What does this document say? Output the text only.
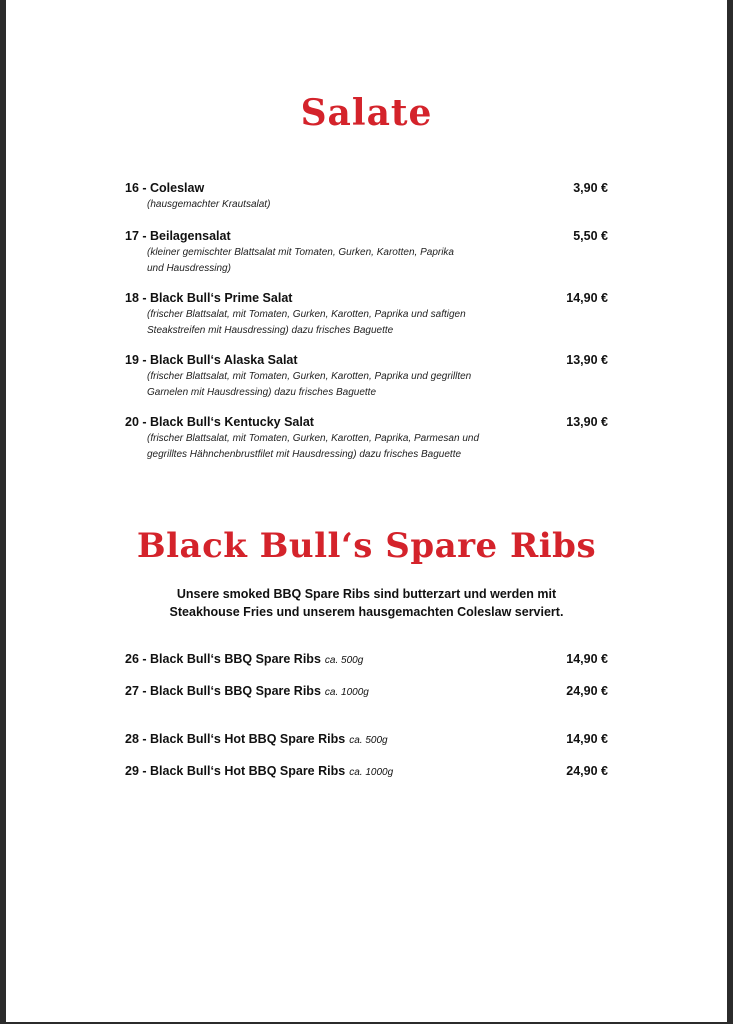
Salate
16 - Coleslaw	3,90 €
(hausgemachter Krautsalat)
17 - Beilagensalat	5,50 €
(kleiner gemischter Blattsalat mit Tomaten, Gurken, Karotten, Paprika
und Hausdressing)
18 - Black Bull‘s Prime Salat	14,90 €
(frischer Blattsalat, mit Tomaten, Gurken, Karotten, Paprika und saftigen
Steakstreifen mit Hausdressing) dazu frisches Baguette
19 - Black Bull‘s Alaska Salat	13,90 €
(frischer Blattsalat, mit Tomaten, Gurken, Karotten, Paprika und gegrillten
Garnelen mit Hausdressing) dazu frisches Baguette
20 - Black Bull‘s Kentucky Salat	13,90 €
(frischer Blattsalat, mit Tomaten, Gurken, Karotten, Paprika, Parmesan und
gegrilltes Hähnchenbrustfilet mit Hausdressing) dazu frisches Baguette
Black Bull‘s Spare Ribs
Unsere smoked BBQ Spare Ribs sind butterzart und werden mit
Steakhouse Fries und unserem hausgemachten Coleslaw serviert.
26 - Black Bull‘s BBQ Spare Ribs ca. 500g	14,90 €
27 - Black Bull‘s BBQ Spare Ribs ca. 1000g	24,90 €
28 - Black Bull‘s Hot BBQ Spare Ribs ca. 500g	14,90 €
29 - Black Bull‘s Hot BBQ Spare Ribs ca. 1000g	24,90 €
